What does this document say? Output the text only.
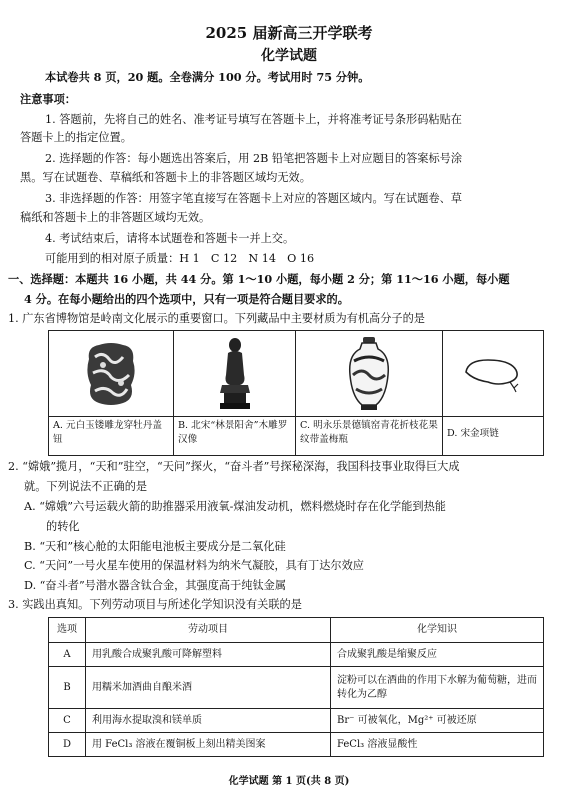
2025 届新高三开学联考
化学试题
本试卷共 8 页，20 题。全卷满分 100 分。考试用时 75 分钟。
注意事项：
1. 答题前，先将自己的姓名、准考证号填写在答题卡上，并将准考证号条形码粘贴在
答题卡上的指定位置。
2. 选择题的作答：每小题选出答案后，用 2B 铅笔把答题卡上对应题目的答案标号涂
黑。写在试题卷、草稿纸和答题卡上的非答题区域均无效。
3. 非选择题的作答：用签字笔直接写在答题卡上对应的答题区域内。写在试题卷、草
稿纸和答题卡上的非答题区域均无效。
4. 考试结束后，请将本试题卷和答题卡一并上交。
可能用到的相对原子质量：H 1　C 12　N 14　O 16
一、选择题：本题共 16 小题，共 44 分。第 1～10 小题，每小题 2 分；第 11～16 小题，每小题
4 分。在每小题给出的四个选项中，只有一项是符合题目要求的。
1. 广东省博物馆是岭南文化展示的重要窗口。下列藏品中主要材质为有机高分子的是
A. 元白玉镂雕龙穿牡丹盖钮
B. 北宋“林景阳舍”木雕罗汉像
C. 明永乐景德镇窑青花折枝花果纹带盖梅瓶
D. 宋金项链
2. “嫦娥”揽月，“天和”驻空，“天问”探火，“奋斗者”号探秘深海，我国科技事业取得巨大成
就。下列说法不正确的是
A. “嫦娥”六号运载火箭的助推器采用液氧-煤油发动机，燃料燃烧时存在化学能到热能
的转化
B. “天和”核心舱的太阳能电池板主要成分是二氧化硅
C. “天问”一号火星车使用的保温材料为纳米气凝胶，具有丁达尔效应
D. “奋斗者”号潜水器含钛合金，其强度高于纯钛金属
3. 实践出真知。下列劳动项目与所述化学知识没有关联的是
选项	劳动项目	化学知识
A	用乳酸合成聚乳酸可降解塑料	合成聚乳酸是缩聚反应
B	用糯米加酒曲自酿米酒	淀粉可以在酒曲的作用下水解为葡萄糖，进而转化为乙醇
C	利用海水提取溴和镁单质	Br⁻ 可被氧化，Mg²⁺ 可被还原
D	用 FeCl₃ 溶液在覆铜板上刻出精美图案	FeCl₃ 溶液显酸性
化学试题 第 1 页(共 8 页)
